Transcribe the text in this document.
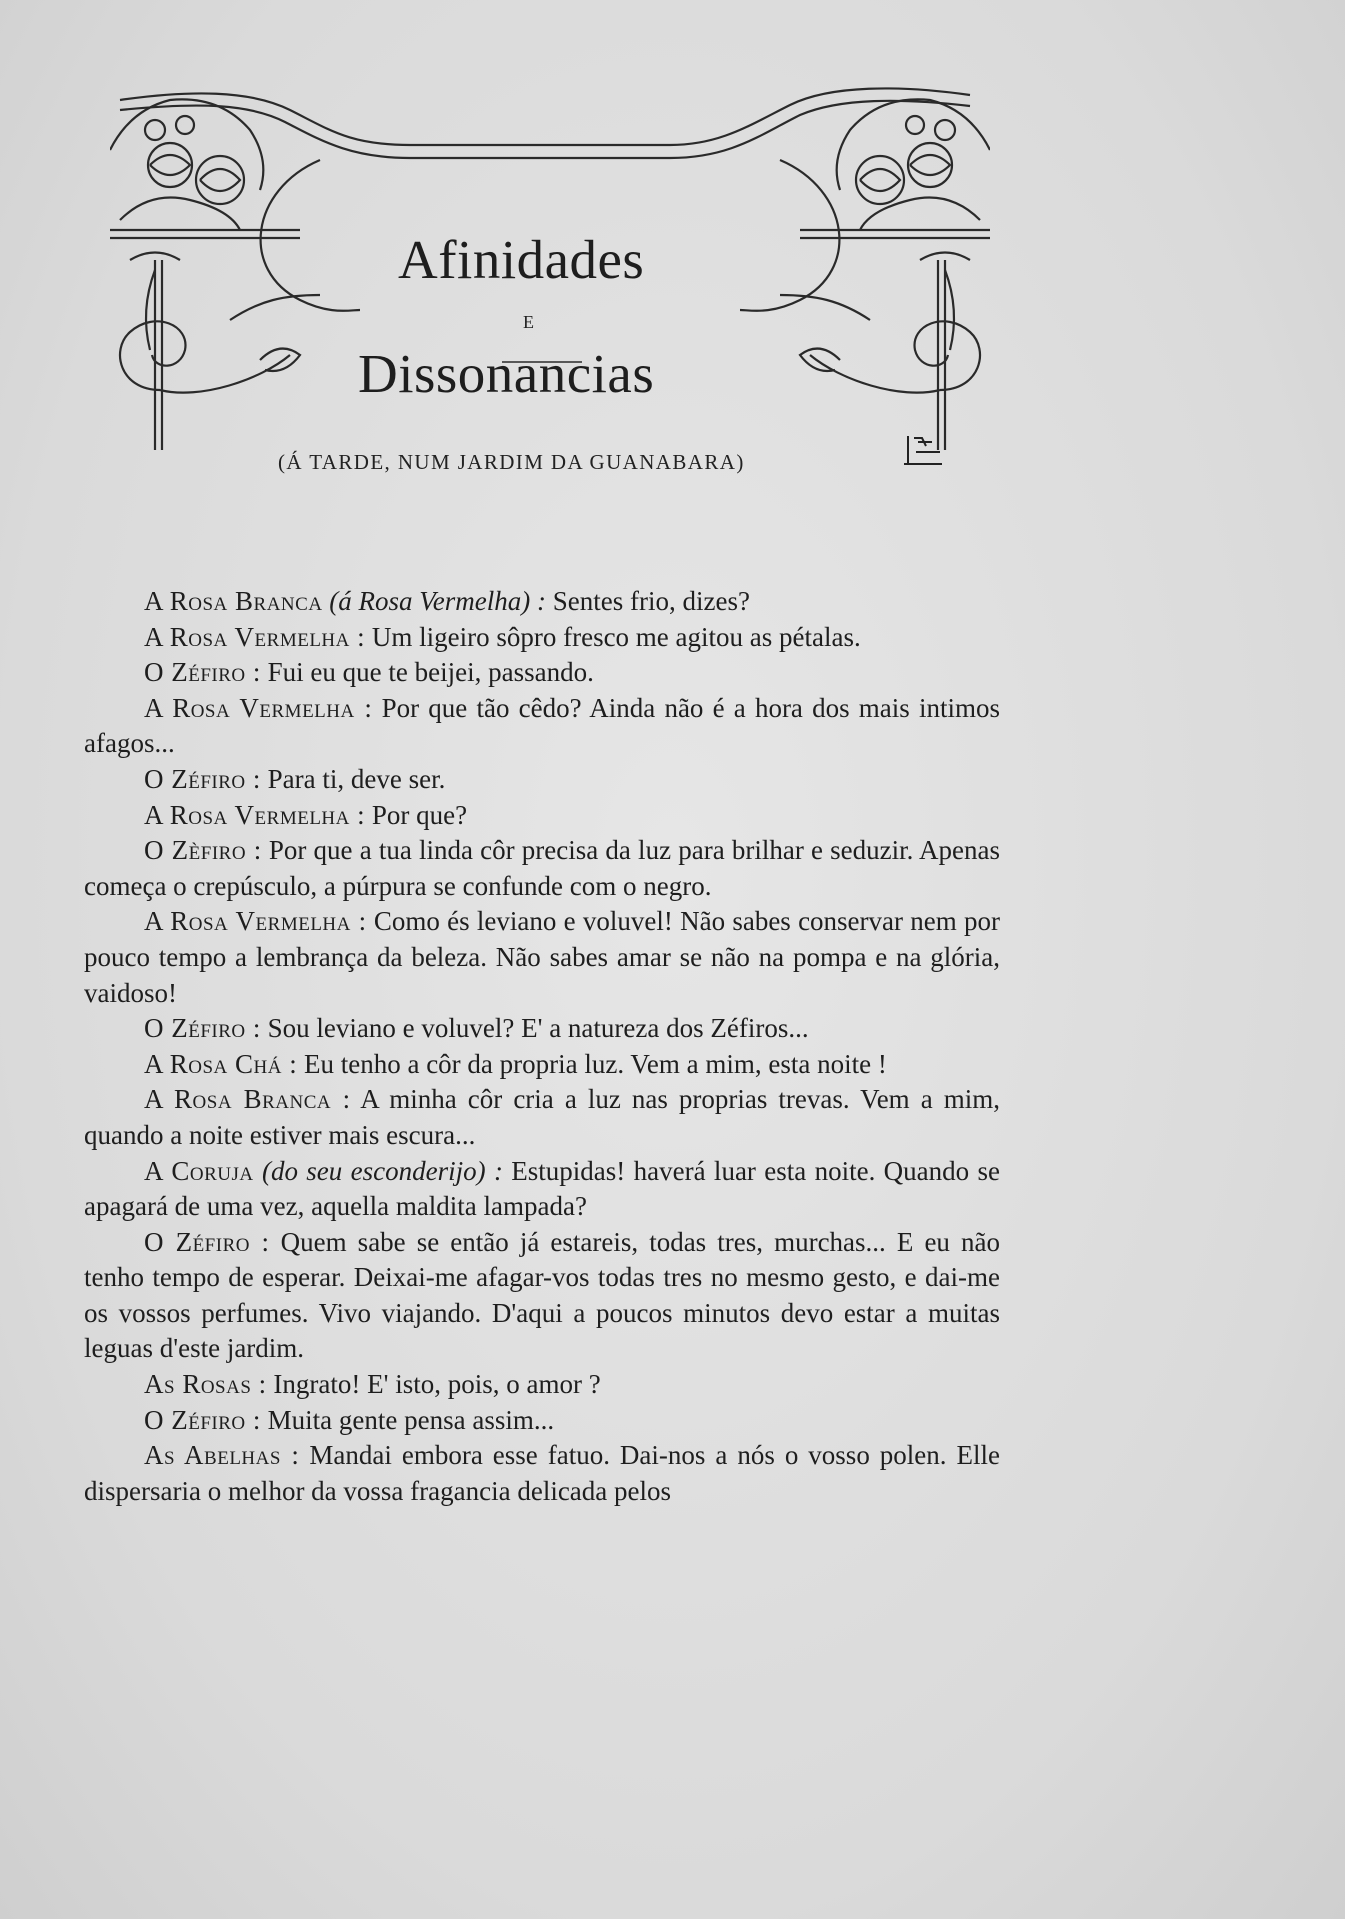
Afinidades
E
Dissonancias
(Á TARDE, NUM JARDIM DA GUANABARA)

A Rosa Branca (á Rosa Vermelha) : Sentes frio, dizes?

A Rosa Vermelha : Um ligeiro sôpro fresco me agitou as pétalas.

O Zéfiro : Fui eu que te beijei, passando.

A Rosa Vermelha : Por que tão cêdo? Ainda não é a hora dos mais intimos afagos...

O Zéfiro : Para ti, deve ser.

A Rosa Vermelha : Por que?

O Zèfiro : Por que a tua linda côr precisa da luz para brilhar e seduzir. Apenas começa o crepúsculo, a púrpura se confunde com o negro.

A Rosa Vermelha : Como és leviano e voluvel! Não sabes conservar nem por pouco tempo a lembrança da beleza. Não sabes amar se não na pompa e na glória, vaidoso!

O Zéfiro : Sou leviano e voluvel? E' a natureza dos Zéfiros...

A Rosa Chá : Eu tenho a côr da propria luz. Vem a mim, esta noite !

A Rosa Branca : A minha côr cria a luz nas proprias trevas. Vem a mim, quando a noite estiver mais escura...

A Coruja (do seu esconderijo) : Estupidas! haverá luar esta noite. Quando se apagará de uma vez, aquella maldita lampada?

O Zéfiro : Quem sabe se então já estareis, todas tres, murchas... E eu não tenho tempo de esperar. Deixai-me afagar-vos todas tres no mesmo gesto, e dai-me os vossos perfumes. Vivo viajando. D'aqui a poucos minutos devo estar a muitas leguas d'este jardim.

As Rosas : Ingrato! E' isto, pois, o amor ?

O Zéfiro : Muita gente pensa assim...

As Abelhas : Mandai embora esse fatuo. Dai-nos a nós o vosso polen. Elle dispersaria o melhor da vossa fragancia delicada pelos
